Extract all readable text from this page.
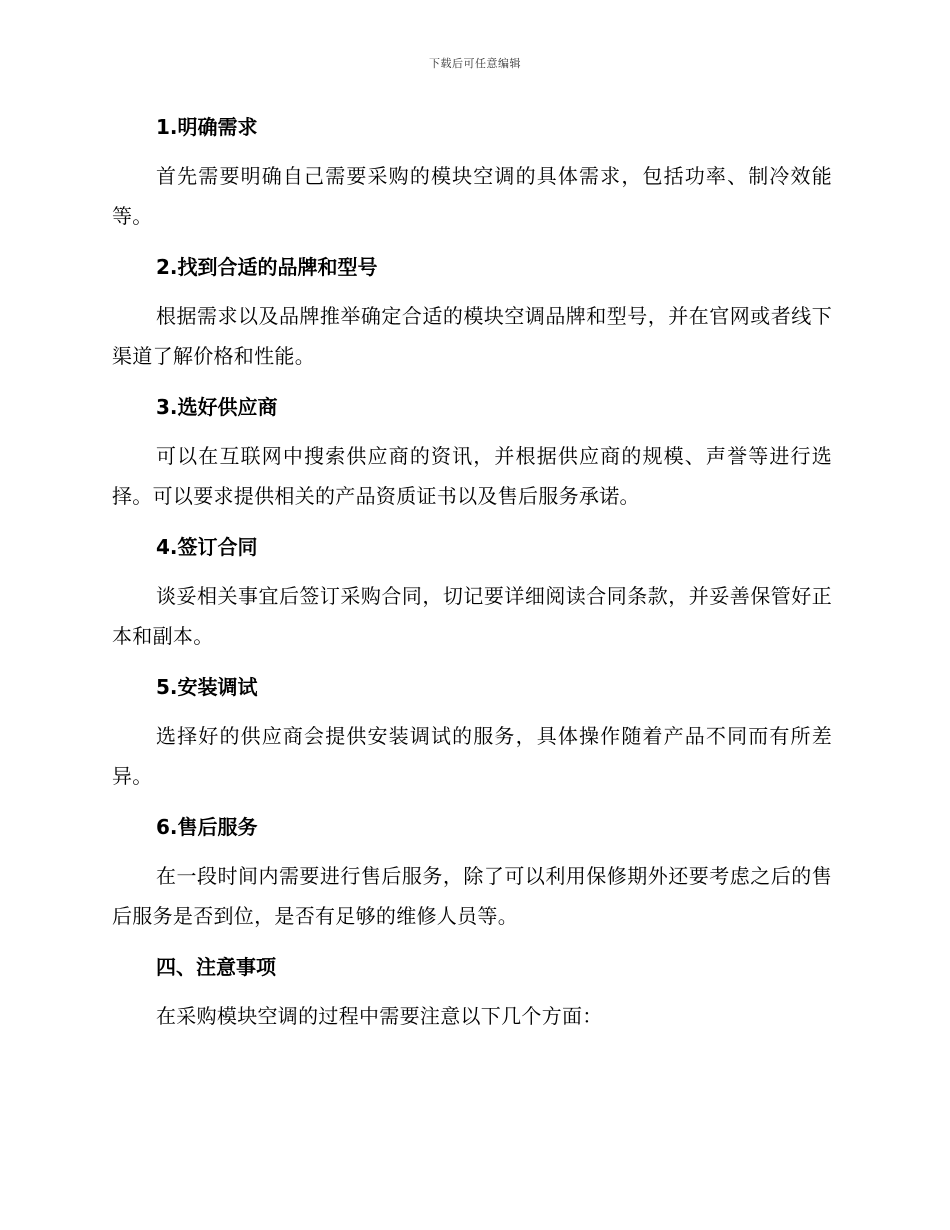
下载后可任意编辑
1.明确需求

首先需要明确自己需要采购的模块空调的具体需求，包括功率、制冷效能等。

2.找到合适的品牌和型号

根据需求以及品牌推举确定合适的模块空调品牌和型号，并在官网或者线下渠道了解价格和性能。

3.选好供应商

可以在互联网中搜索供应商的资讯，并根据供应商的规模、声誉等进行选择。可以要求提供相关的产品资质证书以及售后服务承诺。

4.签订合同

谈妥相关事宜后签订采购合同，切记要详细阅读合同条款，并妥善保管好正本和副本。

5.安装调试

选择好的供应商会提供安装调试的服务，具体操作随着产品不同而有所差异。

6.售后服务

在一段时间内需要进行售后服务，除了可以利用保修期外还要考虑之后的售后服务是否到位，是否有足够的维修人员等。

四、注意事项

在采购模块空调的过程中需要注意以下几个方面：
